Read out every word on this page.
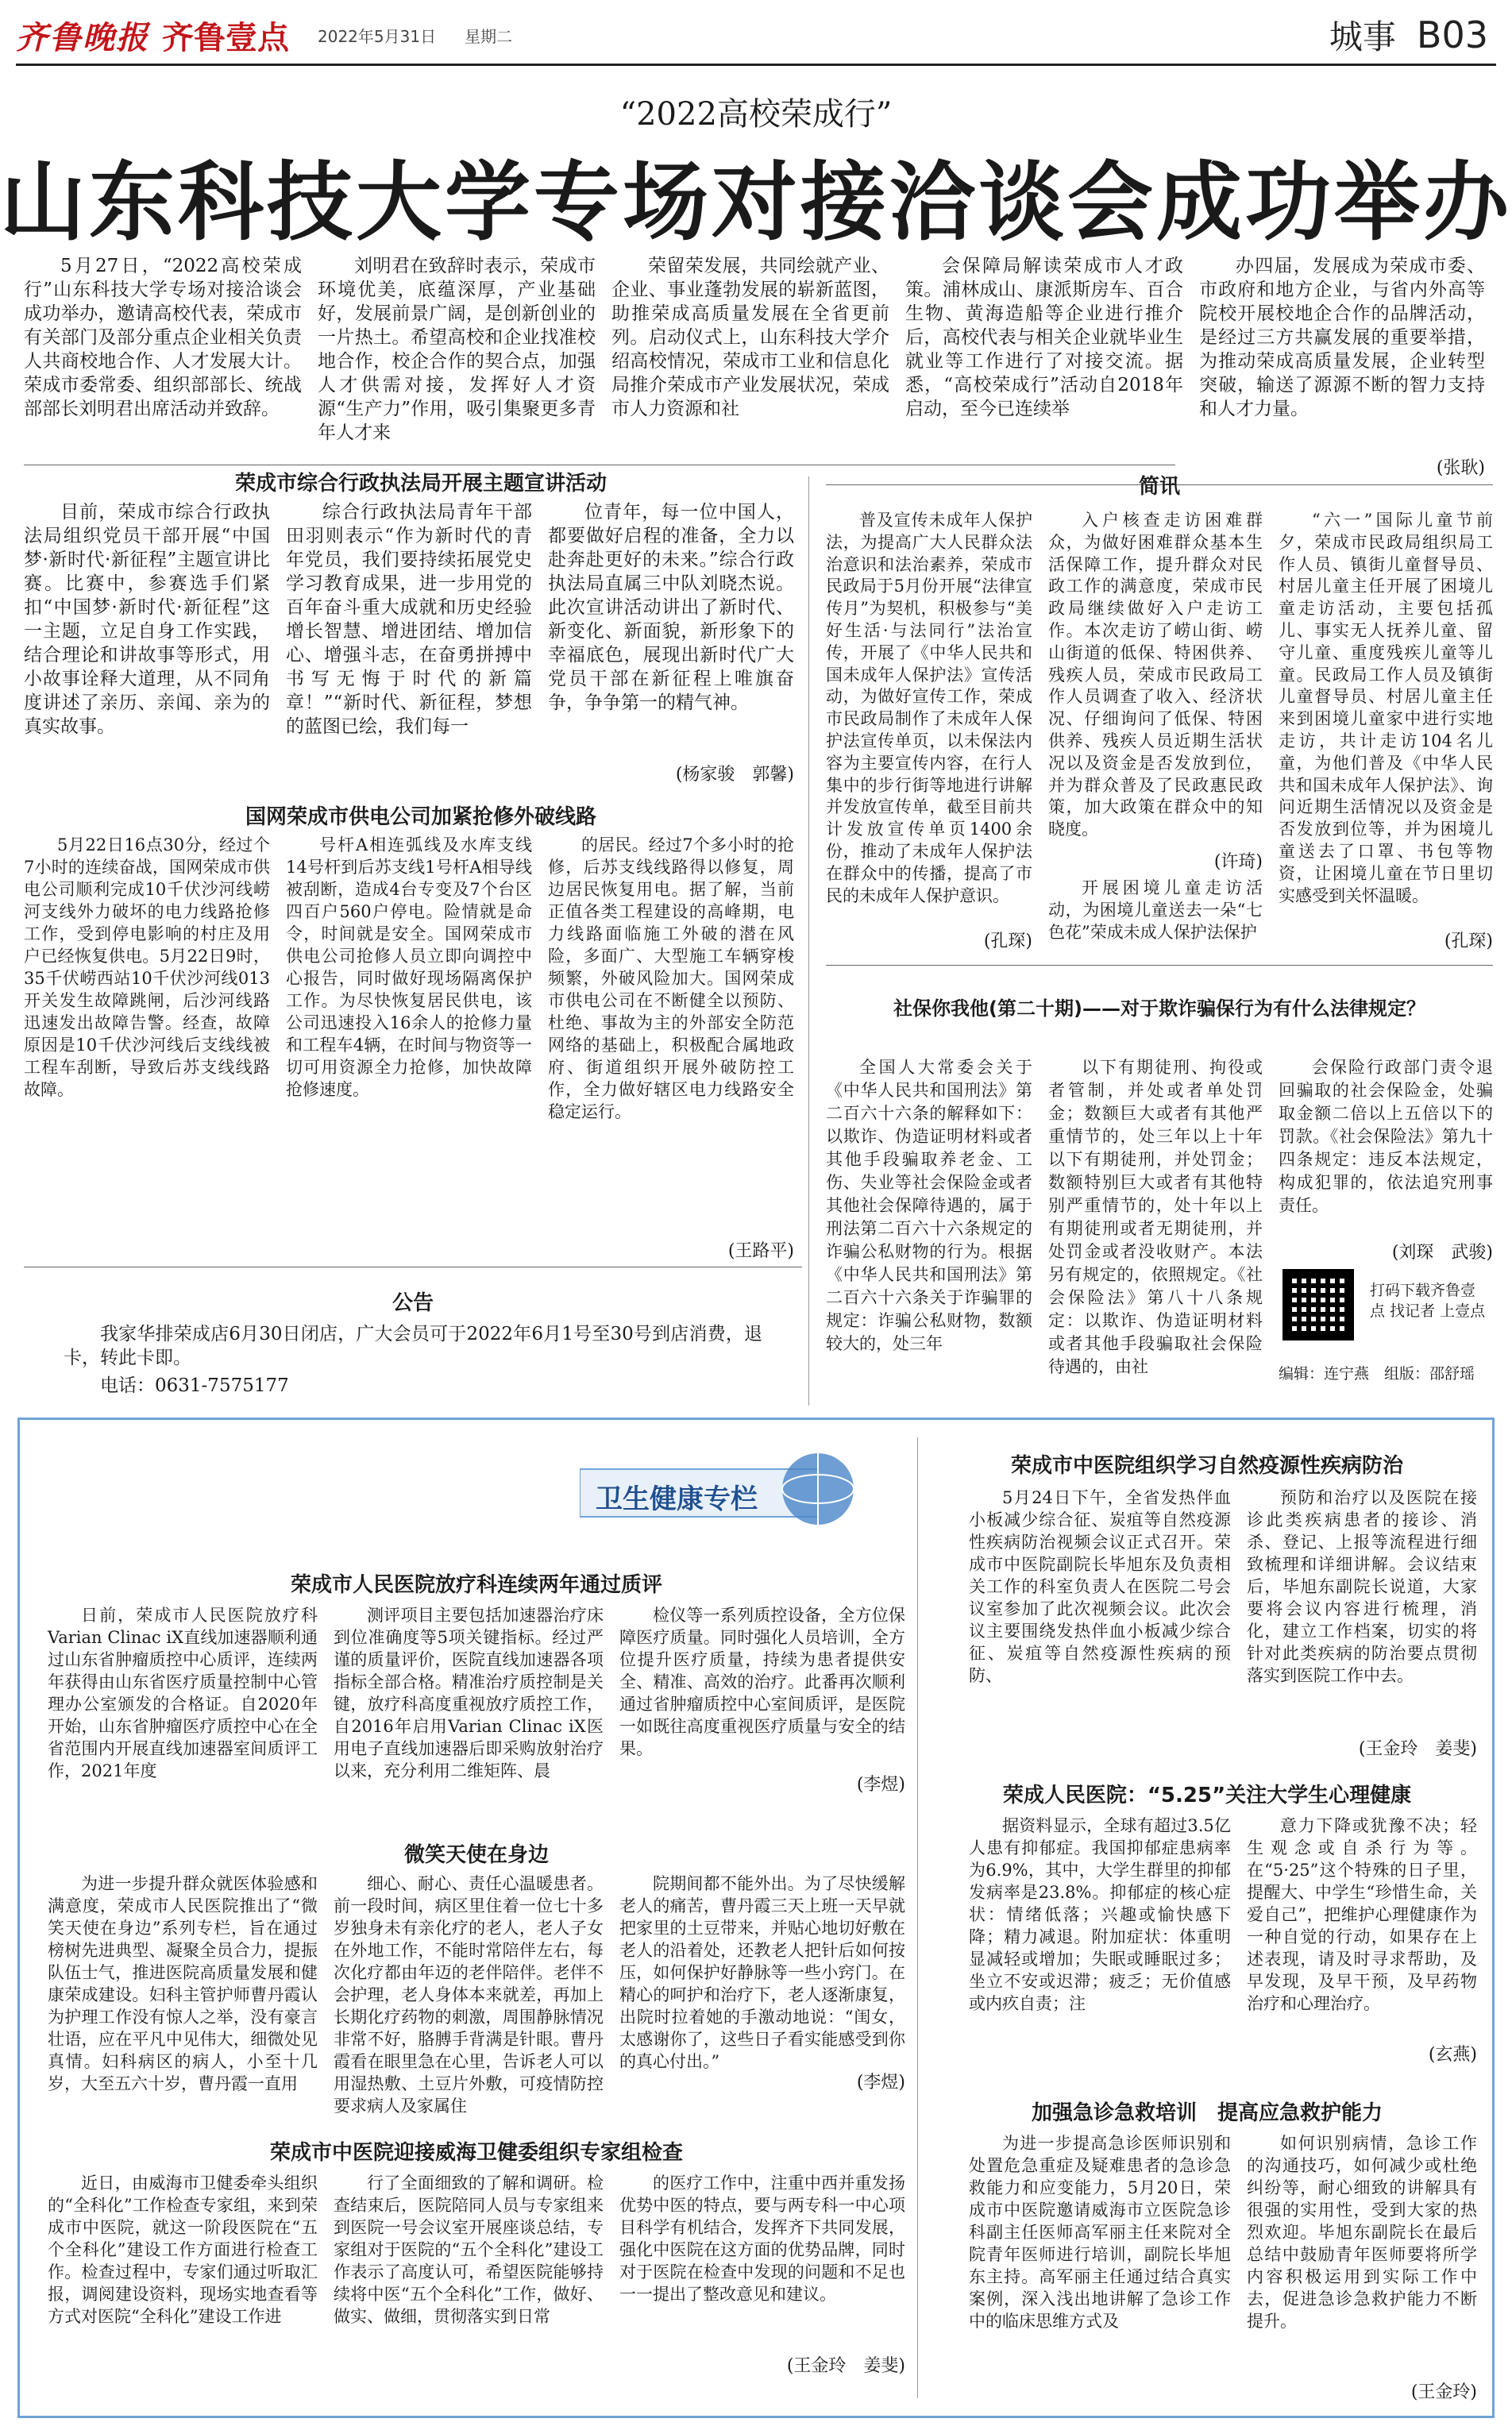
齐鲁晚报 齐鲁壹点 2022年5月31日 星期二	城事 B03
“2022高校荣成行”
山东科技大学专场对接洽谈会成功举办
5月27日，“2022高校荣成行”山东科技大学专场对接洽谈会成功举办，邀请高校代表，荣成市有关部门及部分重点企业相关负责人共商校地合作、人才发展大计。荣成市委常委、组织部部长、统战部部长刘明君出席活动并致辞。
刘明君在致辞时表示，荣成市环境优美，底蕴深厚，产业基础好，发展前景广阔，是创新创业的一片热土。希望高校和企业找准校地合作，校企合作的契合点，加强人才供需对接，发挥好人才资源“生产力”作用，吸引集聚更多青年人才来
荣留荣发展，共同绘就产业、企业、事业蓬勃发展的崭新蓝图，助推荣成高质量发展在全省更前列。启动仪式上，山东科技大学介绍高校情况，荣成市工业和信息化局推介荣成市产业发展状况，荣成市人力资源和社
会保障局解读荣成市人才政策。浦林成山、康派斯房车、百合生物、黄海造船等企业进行推介后，高校代表与相关企业就毕业生就业等工作进行了对接交流。据悉，“高校荣成行”活动自2018年启动，至今已连续举
办四届，发展成为荣成市委、市政府和地方企业，与省内外高等院校开展校地企合作的品牌活动，是经过三方共赢发展的重要举措，为推动荣成高质量发展，企业转型突破，输送了源源不断的智力支持和人才力量。
(张耿)
荣成市综合行政执法局开展主题宣讲活动
目前，荣成市综合行政执法局组织党员干部开展“中国梦·新时代·新征程”主题宣讲比赛。比赛中，参赛选手们紧扣“中国梦·新时代·新征程”这一主题，立足自身工作实践，结合理论和讲故事等形式，用小故事诠释大道理，从不同角度讲述了亲历、亲闻、亲为的真实故事。
综合行政执法局青年干部田羽则表示“作为新时代的青年党员，我们要持续拓展党史学习教育成果，进一步用党的百年奋斗重大成就和历史经验增长智慧、增进团结、增加信心、增强斗志，在奋勇拼搏中书写无悔于时代的新篇章！”“新时代、新征程，梦想的蓝图已绘，我们每一
位青年，每一位中国人，都要做好启程的准备，全力以赴奔赴更好的未来。”综合行政执法局直属三中队刘晓杰说。此次宣讲活动讲出了新时代、新变化、新面貌，新形象下的幸福底色，展现出新时代广大党员干部在新征程上唯旗奋争，争争第一的精气神。
(杨家骏　郭馨)
国网荣成市供电公司加紧抢修外破线路
5月22日16点30分，经过个7小时的连续奋战，国网荣成市供电公司顺利完成10千伏沙河线崂河支线外力破坏的电力线路抢修工作，受到停电影响的村庄及用户已经恢复供电。5月22日9时，35千伏崂西站10千伏沙河线013开关发生故障跳闸，后沙河线路迅速发出故障告警。经查，故障原因是10千伏沙河线后支线线被工程车刮断，导致后苏支线线路故障。
号杆A相连弧线及水库支线14号杆到后苏支线1号杆A相导线被刮断，造成4台专变及7个台区四百户560户停电。险情就是命令，时间就是安全。国网荣成市供电公司抢修人员立即向调控中心报告，同时做好现场隔离保护工作。为尽快恢复居民供电，该公司迅速投入16余人的抢修力量和工程车4辆，在时间与物资等一切可用资源全力抢修，加快故障抢修速度。
的居民。经过7个多小时的抢修，后苏支线线路得以修复，周边居民恢复用电。据了解，当前正值各类工程建设的高峰期，电力线路面临施工外破的潜在风险，多面广、大型施工车辆穿梭频繁，外破风险加大。国网荣成市供电公司在不断健全以预防、杜绝、事故为主的外部安全防范网络的基础上，积极配合属地政府、街道组织开展外破防控工作，全力做好辖区电力线路安全稳定运行。
(王路平)
公告
我家华排荣成店6月30日闭店，广大会员可于2022年6月1号至30号到店消费，退卡，转此卡即。
电话：0631-7575177
简讯
普及宣传未成年人保护法，为提高广大人民群众法治意识和法治素养，荣成市民政局于5月份开展“法律宣传月”为契机，积极参与“美好生活·与法同行”法治宣传，开展了《中华人民共和国未成年人保护法》宣传活动，为做好宣传工作，荣成市民政局制作了未成年人保护法宣传单页，以未保法内容为主要宣传内容，在行人集中的步行街等地进行讲解并发放宣传单，截至目前共计发放宣传单页1400余份，推动了未成年人保护法在群众中的传播，提高了市民的未成年人保护意识。
入户核查走访困难群众，为做好困难群众基本生活保障工作，提升群众对民政工作的满意度，荣成市民政局继续做好入户走访工作。本次走访了崂山街、崂山街道的低保、特困供养、残疾人员，荣成市民政局工作人员调查了收入、经济状况、仔细询问了低保、特困供养、残疾人员近期生活状况以及资金是否发放到位，并为群众普及了民政惠民政策，加大政策在群众中的知晓度。
“六一”国际儿童节前夕，荣成市民政局组织局工作人员、镇街儿童督导员、村居儿童主任开展了困境儿童走访活动，主要包括孤儿、事实无人抚养儿童、留守儿童、重度残疾儿童等儿童。民政局工作人员及镇街儿童督导员、村居儿童主任来到困境儿童家中进行实地走访，共计走访104名儿童，为他们普及《中华人民共和国未成年人保护法》、询问近期生活情况以及资金是否发放到位等，并为困境儿童送去了口罩、书包等物资，让困境儿童在节日里切实感受到关怀温暖。
(孔琛)
(许琦)
开展困境儿童走访活动，为困境儿童送去一朵“七色花”荣成未成人保护法保护	(孔琛)
社保你我他(第二十期)——对于欺诈骗保行为有什么法律规定？
全国人大常委会关于《中华人民共和国刑法》第二百六十六条的解释如下：以欺诈、伪造证明材料或者其他手段骗取养老金、工伤、失业等社会保险金或者其他社会保障待遇的，属于刑法第二百六十六条规定的诈骗公私财物的行为。根据《中华人民共和国刑法》第二百六十六条关于诈骗罪的规定：诈骗公私财物，数额较大的，处三年
以下有期徒刑、拘役或者管制，并处或者单处罚金；数额巨大或者有其他严重情节的，处三年以上十年以下有期徒刑，并处罚金；数额特别巨大或者有其他特别严重情节的，处十年以上有期徒刑或者无期徒刑，并处罚金或者没收财产。本法另有规定的，依照规定。《社会保险法》第八十八条规定：以欺诈、伪造证明材料或者其他手段骗取社会保险待遇的，由社
会保险行政部门责令退回骗取的社会保险金，处骗取金额二倍以上五倍以下的罚款。《社会保险法》第九十四条规定：违反本法规定，构成犯罪的，依法追究刑事责任。
(刘琛　武骏)
打码下载齐鲁壹点 找记者 上壹点
编辑：连宁燕　组版：邵舒瑶
卫生健康专栏
荣成市人民医院放疗科连续两年通过质评
日前，荣成市人民医院放疗科Varian Clinac iX直线加速器顺利通过山东省肿瘤质控中心质评，连续两年获得由山东省医疗质量控制中心管理办公室颁发的合格证。自2020年开始，山东省肿瘤医疗质控中心在全省范围内开展直线加速器室间质评工作，2021年度
测评项目主要包括加速器治疗床到位准确度等5项关键指标。经过严谨的质量评价，医院直线加速器各项指标全部合格。精准治疗质控制是关键，放疗科高度重视放疗质控工作，自2016年启用Varian Clinac iX医用电子直线加速器后即采购放射治疗以来，充分利用二维矩阵、晨
检仪等一系列质控设备，全方位保障医疗质量。同时强化人员培训，全方位提升医疗质量，持续为患者提供安全、精准、高效的治疗。此番再次顺利通过省肿瘤质控中心室间质评，是医院一如既往高度重视医疗质量与安全的结果。
(李煜)
微笑天使在身边
为进一步提升群众就医体验感和满意度，荣成市人民医院推出了“微笑天使在身边”系列专栏，旨在通过榜树先进典型、凝聚全员合力，提振队伍士气，推进医院高质量发展和健康荣成建设。妇科主管护师曹丹霞认为护理工作没有惊人之举，没有豪言壮语，应在平凡中见伟大，细微处见真情。妇科病区的病人，小至十几岁，大至五六十岁，曹丹霞一直用
细心、耐心、责任心温暖患者。前一段时间，病区里住着一位七十多岁独身未有亲化疗的老人，老人子女在外地工作，不能时常陪伴左右，每次化疗都由年迈的老伴陪伴。老伴不会护理，老人身体本来就差，再加上长期化疗药物的刺激，周围静脉情况非常不好，胳膊手背满是针眼。曹丹霞看在眼里急在心里，告诉老人可以用湿热敷、土豆片外敷，可疫情防控要求病人及家属住
院期间都不能外出。为了尽快缓解老人的痛苦，曹丹霞三天上班一天早就把家里的土豆带来，并贴心地切好敷在老人的沿着处，还教老人把针后如何按压，如何保护好静脉等一些小窍门。在精心的呵护和治疗下，老人逐渐康复，出院时拉着她的手激动地说：“闺女，太感谢你了，这些日子看实能感受到你的真心付出。”
(李煜)
荣成市中医院迎接威海卫健委组织专家组检查
近日，由威海市卫健委牵头组织的“全科化”工作检查专家组，来到荣成市中医院，就这一阶段医院在“五个全科化”建设工作方面进行检查工作。检查过程中，专家们通过听取汇报，调阅建设资料，现场实地查看等方式对医院“全科化”建设工作进
行了全面细致的了解和调研。检查结束后，医院陪同人员与专家组来到医院一号会议室开展座谈总结，专家组对于医院的“五个全科化”建设工作表示了高度认可，希望医院能够持续将中医“五个全科化”工作，做好、做实、做细，贯彻落实到日常
的医疗工作中，注重中西并重发扬优势中医的特点，要与两专科一中心项目科学有机结合，发挥齐下共同发展，强化中医院在这方面的优势品牌，同时对于医院在检查中发现的问题和不足也一一提出了整改意见和建议。
(王金玲　姜斐)
荣成市中医院组织学习自然疫源性疾病防治
5月24日下午，全省发热伴血小板减少综合征、炭疽等自然疫源性疾病防治视频会议正式召开。荣成市中医院副院长毕旭东及负责相关工作的科室负责人在医院二号会议室参加了此次视频会议。此次会议主要围绕发热伴血小板减少综合征、炭疽等自然疫源性疾病的预防、
预防和治疗以及医院在接诊此类疾病患者的接诊、消杀、登记、上报等流程进行细致梳理和详细讲解。会议结束后，毕旭东副院长说道，大家要将会议内容进行梳理，消化，建立工作档案，切实的将针对此类疾病的防治要点贯彻落实到医院工作中去。
(王金玲　姜斐)
荣成人民医院：“5.25”关注大学生心理健康
据资料显示，全球有超过3.5亿人患有抑郁症。我国抑郁症患病率为6.9%，其中，大学生群里的抑郁发病率是23.8%。抑郁症的核心症状：情绪低落；兴趣或愉快感下降；精力减退。附加症状：体重明显减轻或增加；失眠或睡眠过多；坐立不安或迟滞；疲乏；无价值感或内疚自责；注
意力下降或犹豫不决；轻生观念或自杀行为等。在“5·25”这个特殊的日子里，提醒大、中学生“珍惜生命，关爱自己”，把维护心理健康作为一种自觉的行动，如果存在上述表现，请及时寻求帮助，及早发现，及早干预，及早药物治疗和心理治疗。
(玄燕)
加强急诊急救培训　提高应急救护能力
为进一步提高急诊医师识别和处置危急重症及疑难患者的急诊急救能力和应变能力，5月20日，荣成市中医院邀请威海市立医院急诊科副主任医师高军丽主任来院对全院青年医师进行培训，副院长毕旭东主持。高军丽主任通过结合真实案例，深入浅出地讲解了急诊工作中的临床思维方式及
如何识别病情，急诊工作的沟通技巧，如何减少或杜绝纠纷等，耐心细致的讲解具有很强的实用性，受到大家的热烈欢迎。毕旭东副院长在最后总结中鼓励青年医师要将所学内容积极运用到实际工作中去，促进急诊急救护能力不断提升。
(王金玲)
